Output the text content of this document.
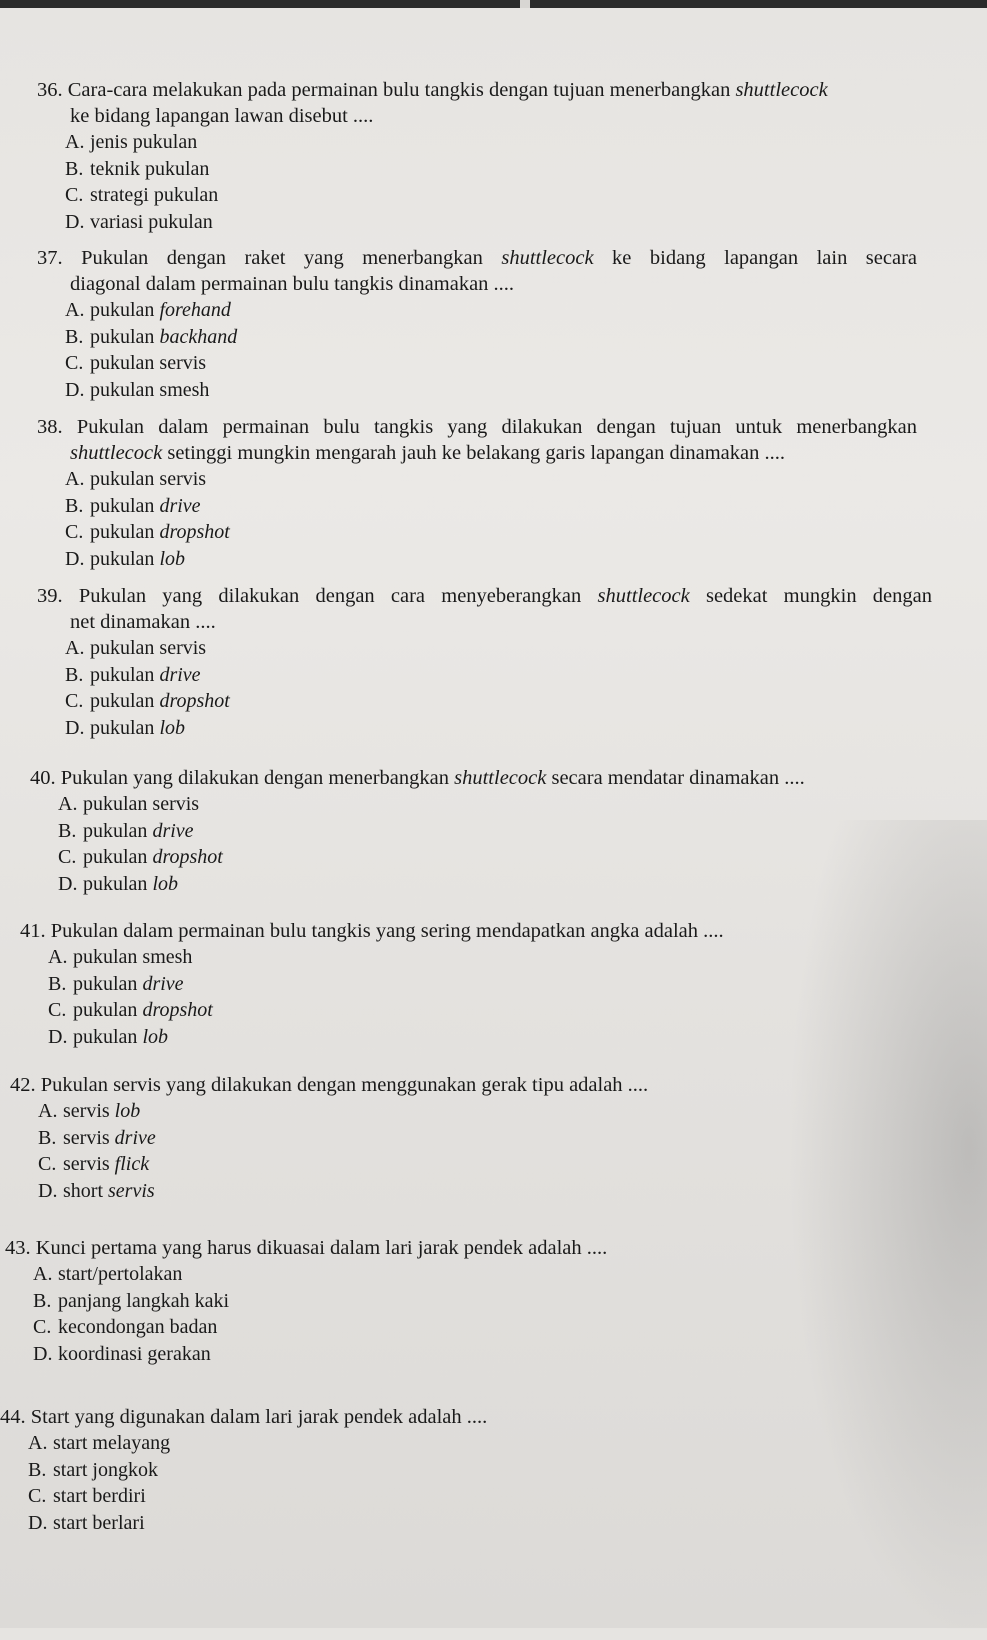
36. Cara-cara melakukan pada permainan bulu tangkis dengan tujuan menerbangkan shuttlecock
ke bidang lapangan lawan disebut ....
A. jenis pukulan
B. teknik pukulan
C. strategi pukulan
D. variasi pukulan
37. Pukulan dengan raket yang menerbangkan shuttlecock ke bidang lapangan lain secara
diagonal dalam permainan bulu tangkis dinamakan ....
A. pukulan forehand
B. pukulan backhand
C. pukulan servis
D. pukulan smesh
38. Pukulan dalam permainan bulu tangkis yang dilakukan dengan tujuan untuk menerbangkan
shuttlecock setinggi mungkin mengarah jauh ke belakang garis lapangan dinamakan ....
A. pukulan servis
B. pukulan drive
C. pukulan dropshot
D. pukulan lob
39. Pukulan yang dilakukan dengan cara menyeberangkan shuttlecock sedekat mungkin dengan
net dinamakan ....
A. pukulan servis
B. pukulan drive
C. pukulan dropshot
D. pukulan lob
40. Pukulan yang dilakukan dengan menerbangkan shuttlecock secara mendatar dinamakan ....
A. pukulan servis
B. pukulan drive
C. pukulan dropshot
D. pukulan lob
41. Pukulan dalam permainan bulu tangkis yang sering mendapatkan angka adalah ....
A. pukulan smesh
B. pukulan drive
C. pukulan dropshot
D. pukulan lob
42. Pukulan servis yang dilakukan dengan menggunakan gerak tipu adalah ....
A. servis lob
B. servis drive
C. servis flick
D. short servis
43. Kunci pertama yang harus dikuasai dalam lari jarak pendek adalah ....
A. start/pertolakan
B. panjang langkah kaki
C. kecondongan badan
D. koordinasi gerakan
44. Start yang digunakan dalam lari jarak pendek adalah ....
A. start melayang
B. start jongkok
C. start berdiri
D. start berlari
